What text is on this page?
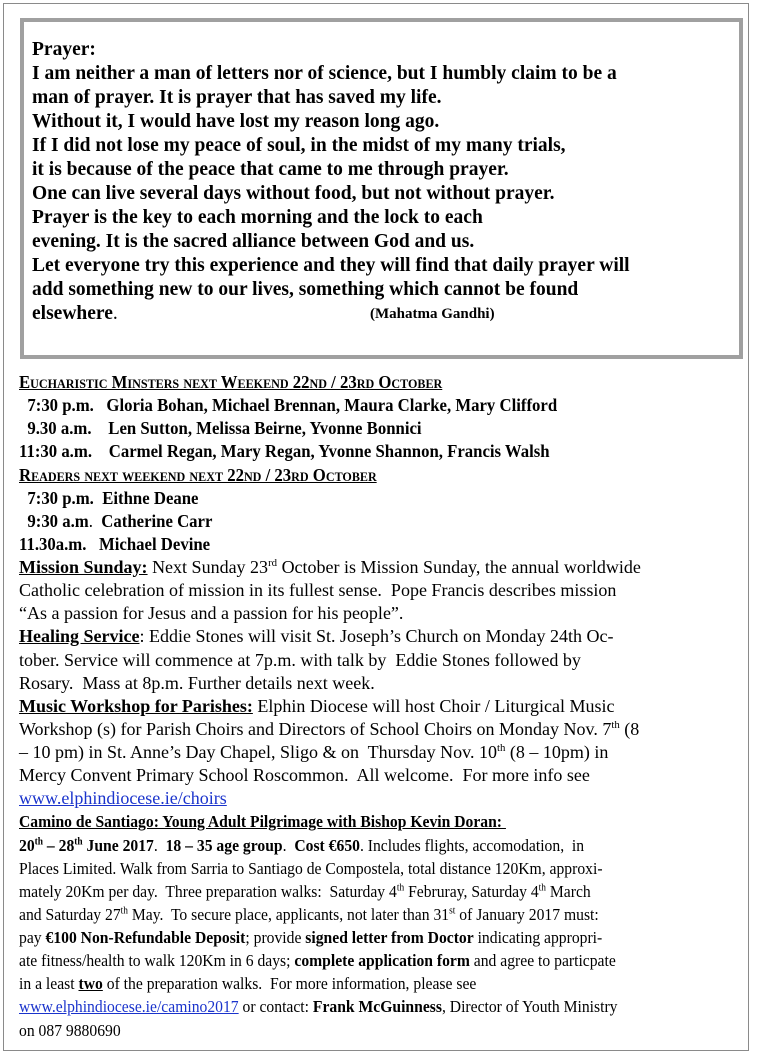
Prayer:
I am neither a man of letters nor of science, but I humbly claim to be a
man of prayer. It is prayer that has saved my life.
Without it, I would have lost my reason long ago.
If I did not lose my peace of soul, in the midst of my many trials,
it is because of the peace that came to me through prayer.
One can live several days without food, but not without prayer.
Prayer is the key to each morning and the lock to each
evening. It is the sacred alliance between God and us.
Let everyone try this experience and they will find that daily prayer will
add something new to our lives, something which cannot be found
elsewhere.	(Mahatma Gandhi)
Eucharistic Minsters next Weekend 22nd / 23rd October
7:30 p.m.   Gloria Bohan, Michael Brennan, Maura Clarke, Mary Clifford
9.30 a.m.    Len Sutton, Melissa Beirne, Yvonne Bonnici
11:30 a.m.    Carmel Regan, Mary Regan, Yvonne Shannon, Francis Walsh
Readers next weekend next 22nd / 23rd October
7:30 p.m.  Eithne Deane
9:30 a.m.  Catherine Carr
11.30a.m.   Michael Devine
Mission Sunday: Next Sunday 23rd October is Mission Sunday, the annual worldwide
Catholic celebration of mission in its fullest sense.  Pope Francis describes mission
“As a passion for Jesus and a passion for his people”.
Healing Service: Eddie Stones will visit St. Joseph’s Church on Monday 24th Oc-
tober. Service will commence at 7p.m. with talk by  Eddie Stones followed by
Rosary.  Mass at 8p.m. Further details next week.
Music Workshop for Parishes: Elphin Diocese will host Choir / Liturgical Music
Workshop (s) for Parish Choirs and Directors of School Choirs on Monday Nov. 7th (8
– 10 pm) in St. Anne’s Day Chapel, Sligo & on  Thursday Nov. 10th (8 – 10pm) in
Mercy Convent Primary School Roscommon.  All welcome.  For more info see
www.elphindiocese.ie/choirs
Camino de Santiago: Young Adult Pilgrimage with Bishop Kevin Doran:
20th – 28th June 2017.  18 – 35 age group.  Cost €650. Includes flights, accomodation,  in
Places Limited. Walk from Sarria to Santiago de Compostela, total distance 120Km, approxi-
mately 20Km per day.  Three preparation walks:  Saturday 4th Februray, Saturday 4th March
and Saturday 27th May.  To secure place, applicants, not later than 31st of January 2017 must:
pay €100 Non-Refundable Deposit; provide signed letter from Doctor indicating appropri-
ate fitness/health to walk 120Km in 6 days; complete application form and agree to particpate
in a least two of the preparation walks.  For more information, please see
www.elphindiocese.ie/camino2017 or contact: Frank McGuinness, Director of Youth Ministry
on 087 9880690
